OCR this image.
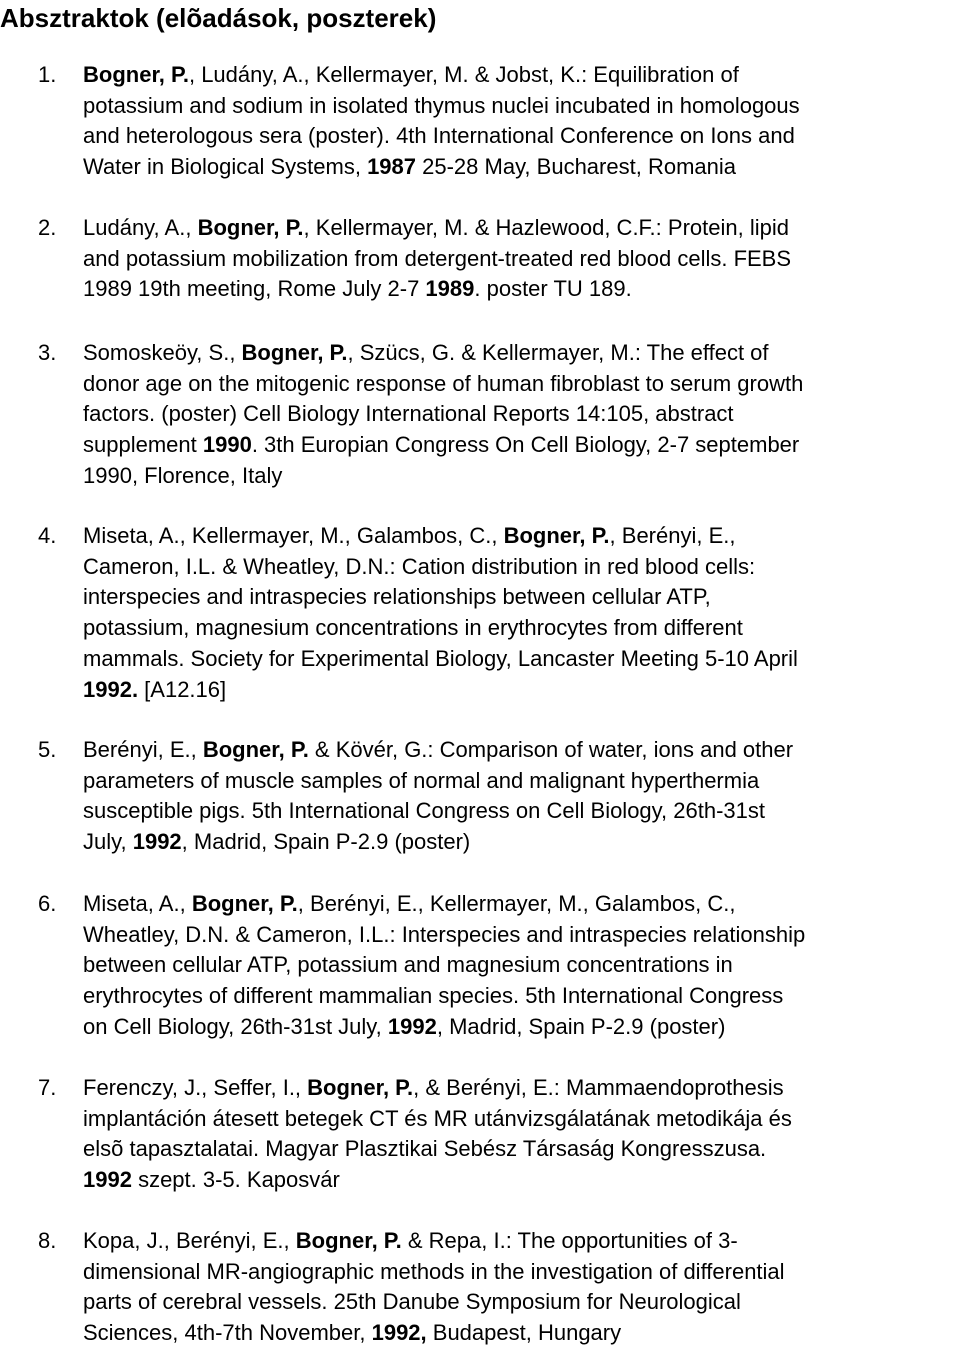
Absztraktok (elõadások, poszterek)
1. Bogner, P., Ludány, A., Kellermayer, M. & Jobst, K.: Equilibration of
potassium and sodium in isolated thymus nuclei incubated in homologous
and heterologous sera (poster). 4th International Conference on Ions and
Water in Biological Systems, 1987 25-28 May, Bucharest, Romania
2. Ludány, A., Bogner, P., Kellermayer, M. & Hazlewood, C.F.: Protein, lipid
and potassium mobilization from detergent-treated red blood cells. FEBS
1989 19th meeting, Rome July 2-7 1989. poster TU 189.
3. Somoskeöy, S., Bogner, P., Szücs, G. & Kellermayer, M.: The effect of
donor age on the mitogenic response of human fibroblast to serum growth
factors. (poster) Cell Biology International Reports 14:105, abstract
supplement 1990. 3th Europian Congress On Cell Biology, 2-7 september
1990, Florence, Italy
4. Miseta, A., Kellermayer, M., Galambos, C., Bogner, P., Berényi, E.,
Cameron, I.L. & Wheatley, D.N.: Cation distribution in red blood cells:
interspecies and intraspecies relationships between cellular ATP,
potassium, magnesium concentrations in erythrocytes from different
mammals. Society for Experimental Biology, Lancaster Meeting 5-10 April
1992. [A12.16]
5. Berényi, E., Bogner, P. & Kövér, G.: Comparison of water, ions and other
parameters of muscle samples of normal and malignant hyperthermia
susceptible pigs. 5th International Congress on Cell Biology, 26th-31st
July, 1992, Madrid, Spain P-2.9 (poster)
6. Miseta, A., Bogner, P., Berényi, E., Kellermayer, M., Galambos, C.,
Wheatley, D.N. & Cameron, I.L.: Interspecies and intraspecies relationship
between cellular ATP, potassium and magnesium concentrations in
erythrocytes of different mammalian species. 5th International Congress
on Cell Biology, 26th-31st July, 1992, Madrid, Spain P-2.9 (poster)
7. Ferenczy, J., Seffer, I., Bogner, P., & Berényi, E.: Mammaendoprothesis
implantáción átesett betegek CT és MR utánvizsgálatának metodikája és
elsõ tapasztalatai. Magyar Plasztikai Sebész Társaság Kongresszusa.
1992 szept. 3-5. Kaposvár
8. Kopa, J., Berényi, E., Bogner, P. & Repa, I.: The opportunities of 3-
dimensional MR-angiographic methods in the investigation of differential
parts of cerebral vessels. 25th Danube Symposium for Neurological
Sciences, 4th-7th November, 1992, Budapest, Hungary
